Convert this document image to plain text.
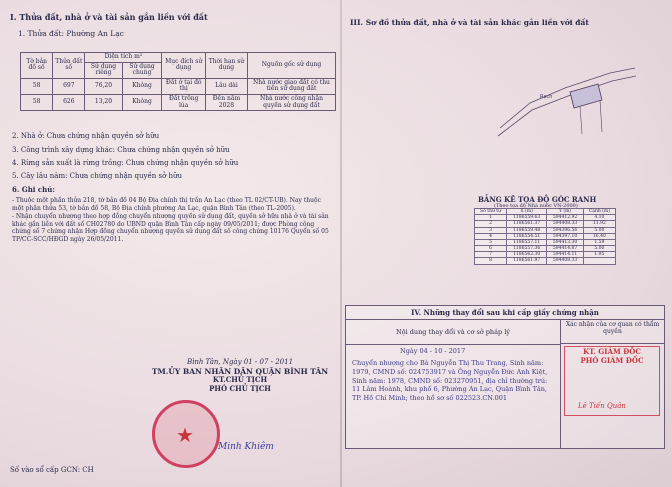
I. Thửa đất, nhà ở và tài sản gắn liền với đất
1. Thửa đất: Phường An Lạc
Tờ bản đồ số	Thửa đất số	Diện tích m²		Mục đích sử dụng	Thời hạn sử dụng	Nguồn gốc sử dụng
		Sử dụng riêng	Sử dụng chung			
58	697	76,20	Không	Đất ở tại đô thị	Lâu dài	Nhà nước giao đất có thu tiền sử dụng đất
58	626	13,20	Không	Đất trồng lúa	Đến năm 2028	Nhà nước công nhận quyền sử dụng đất
2. Nhà ở: Chưa chứng nhận quyền sở hữu
3. Công trình xây dựng khác: Chưa chứng nhận quyền sở hữu
4. Rừng sản xuất là rừng trồng: Chưa chứng nhận quyền sở hữu
5. Cây lâu năm: Chưa chứng nhận quyền sở hữu
6. Ghi chú:

- Thuộc một phần thửa 218, tờ bản đồ 04 Bộ Địa chính thị trấn An Lạc (theo TL 02/CT-UB). Nay thuộc một phần thửa 53, tờ bản đồ 58, Bộ Địa chính phường An Lạc, quận Bình Tân (theo TL-2005).

- Nhận chuyển nhượng theo hợp đồng chuyển nhượng quyền sử dụng đất, quyền sở hữu nhà ở và tài sản khác gắn liền với đất số CH02780 do UBND quận Bình Tân cấp ngày 09/05/2011; được Phòng công chứng số 7 chứng nhận Hợp đồng chuyển nhượng quyền sử dụng đất số công chứng 10176 Quyển số 05 TP/CC-SCC/HĐGD ngày 26/05/2011.

Bình Tân, Ngày 01 - 07 - 2011
TM.ỦY BAN NHÂN DÂN QUẬN BÌNH TÂN
KT.CHỦ TỊCH
PHÓ CHỦ TỊCH
★	Minh Khiêm
Số vào sổ cấp GCN: CH
III. Sơ đồ thửa đất, nhà ở và tài sản khác gắn liền với đất
Rạch
BẢNG KÊ TỌA ĐỘ GÓC RANH
(Theo tọa độ Nhà nước VN-2000)
Số thứ tự	X (m)	Y (m)	Cạnh (m)
1	1186559.63	594412.92	4.10
2	1186561.37	594408.33	11.92
3	1186559.48	594396.56	5.00
4	1186554.51	594397.10	16.40
5	1186557.11	594413.30	1.59
6	1186557.36	594414.87	5.00
7	1186562.30	594414.11	1.95
8	1186561.97	594408.33	
IV. Những thay đổi sau khi cấp giấy chứng nhận
Nội dung thay đổi và cơ sở pháp lý
Xác nhận của cơ quan có thẩm quyền
Ngày 04 - 10 - 2017
Chuyển nhượng cho Bà Nguyễn Thị Thu Trang, Sinh năm: 1979, CMND số: 024753917 và Ông Nguyễn Đức Anh Kiệt, Sinh năm: 1978, CMND số: 023270951, địa chỉ thường trú: 11 Lâm Hoành, khu phố 6, Phường An Lạc, Quận Bình Tân, TP. Hồ Chí Minh; theo hồ sơ số 022523.CN.001
KT. GIÁM ĐỐC
PHÓ GIÁM ĐỐC
Lê Tiến Quân
